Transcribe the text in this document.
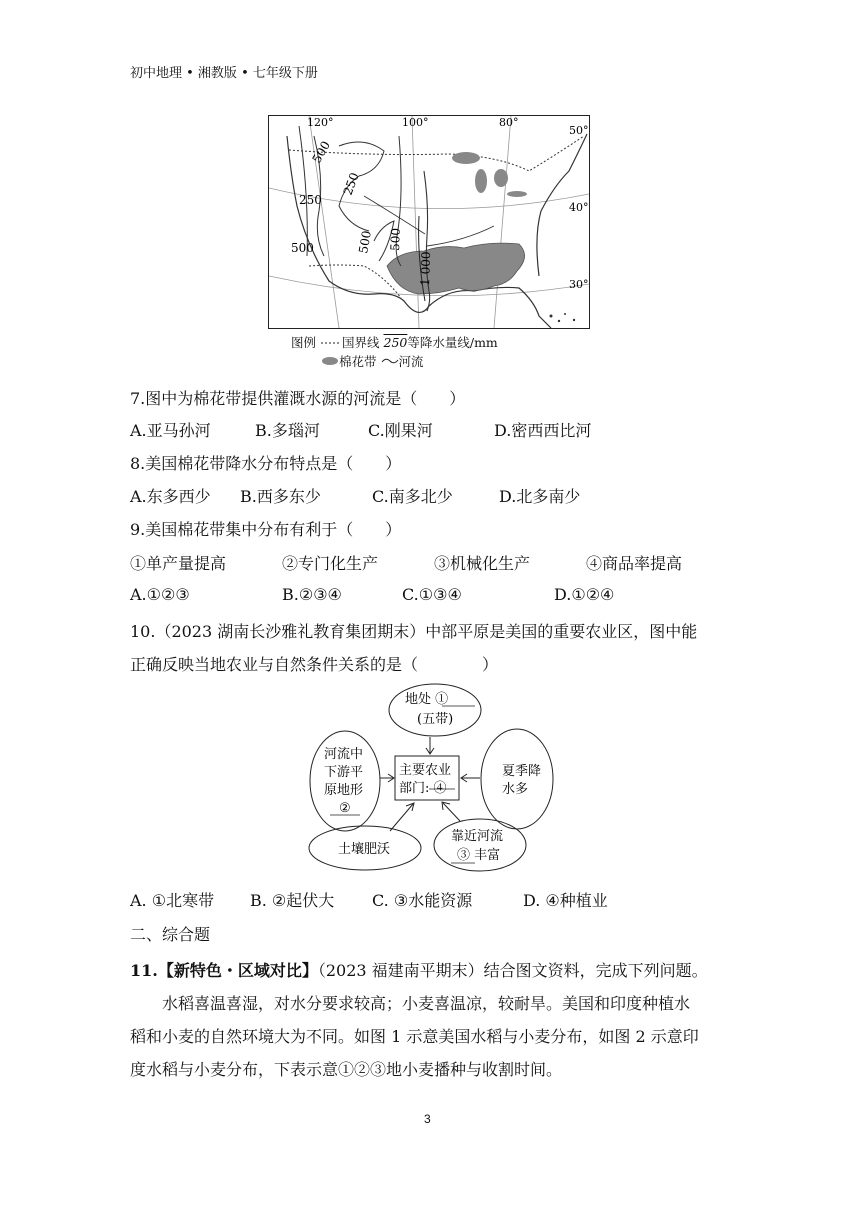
初中地理 • 湘教版 • 七年级下册
500
250
250
500	500 500
1 000
120°	100°	80°
50°
40°
30°
图例 国界线 250等降水量线/mm
棉花带 河流
7.图中为棉花带提供灌溉水源的河流是（　　）
A.亚马孙河	B.多瑙河	C.刚果河	D.密西西比河
8.美国棉花带降水分布特点是（　　）
A.东多西少 B.西多东少	C.南多北少	D.北多南少
9.美国棉花带集中分布有利于（　　）
①单产量提高	②专门化生产	③机械化生产	④商品率提高
A.①②③	B.②③④	C.①③④	D.①②④
10.（2023 湖南长沙雅礼教育集团期末）中部平原是美国的重要农业区，图中能
正确反映当地农业与自然条件关系的是（　　　　）
地处 ①
(五带)
河流中
下游平
原地形
②
主要农业
部门: ④
夏季降
水多
土壤肥沃
靠近河流
③ 丰富
A. ①北寒带 B. ②起伏大 C. ③水能资源	D. ④种植业
二、综合题
11.【新特色・区域对比】（2023 福建南平期末）结合图文资料，完成下列问题。
水稻喜温喜湿，对水分要求较高；小麦喜温凉，较耐旱。美国和印度种植水
稻和小麦的自然环境大为不同。如图 1 示意美国水稻与小麦分布，如图 2 示意印
度水稻与小麦分布，下表示意①②③地小麦播种与收割时间。
3
